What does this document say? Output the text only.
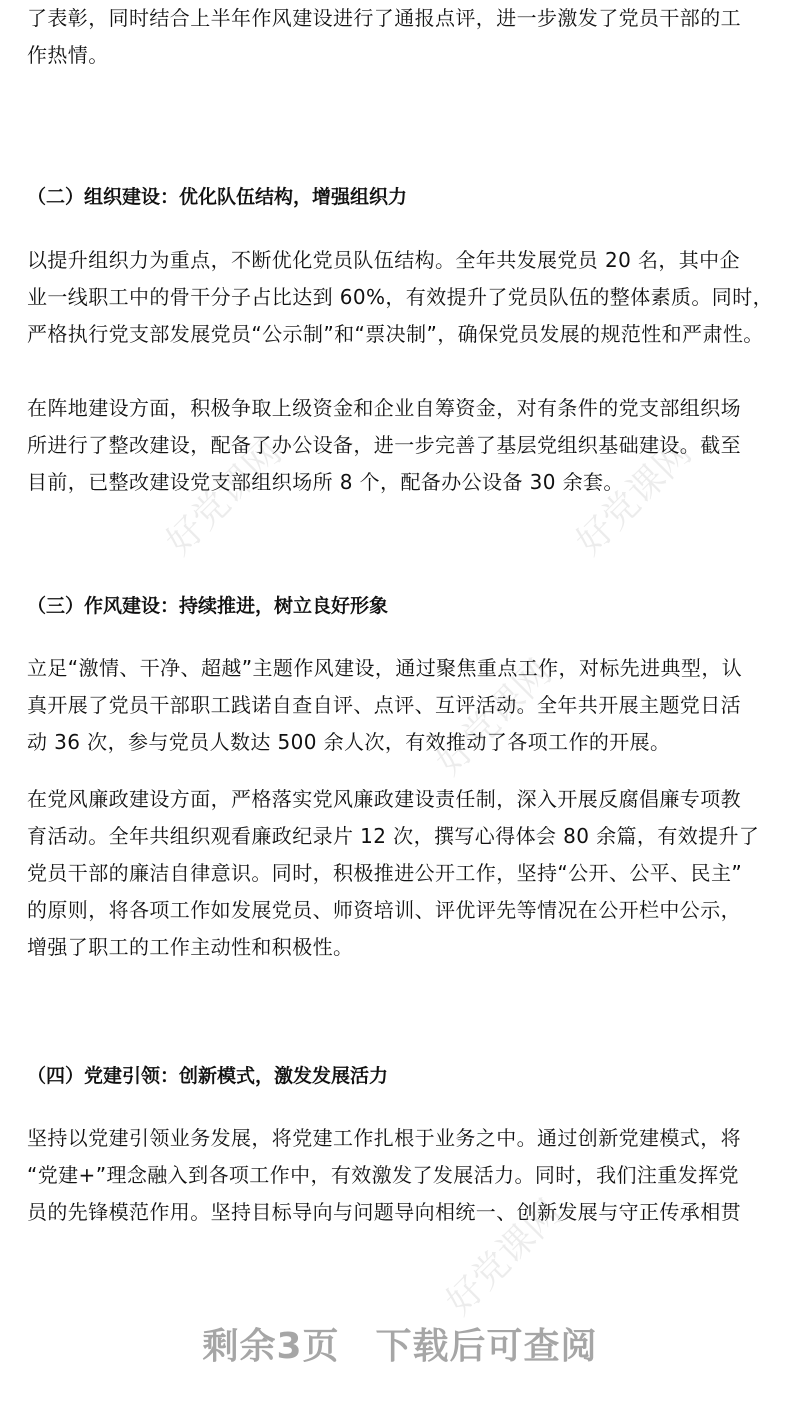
好党课网	好党课网
好党课网
好党课网
了表彰，同时结合上半年作风建设进行了通报点评，进一步激发了党员干部的工
作热情。
（二）组织建设：优化队伍结构，增强组织力
以提升组织力为重点，不断优化党员队伍结构。全年共发展党员 20 名，其中企
业一线职工中的骨干分子占比达到 60%，有效提升了党员队伍的整体素质。同时，
严格执行党支部发展党员“公示制”和“票决制”，确保党员发展的规范性和严肃性。
在阵地建设方面，积极争取上级资金和企业自筹资金，对有条件的党支部组织场
所进行了整改建设，配备了办公设备，进一步完善了基层党组织基础建设。截至
目前，已整改建设党支部组织场所 8 个，配备办公设备 30 余套。
（三）作风建设：持续推进，树立良好形象
立足“激情、干净、超越”主题作风建设，通过聚焦重点工作，对标先进典型，认
真开展了党员干部职工践诺自查自评、点评、互评活动。全年共开展主题党日活
动 36 次，参与党员人数达 500 余人次，有效推动了各项工作的开展。
在党风廉政建设方面，严格落实党风廉政建设责任制，深入开展反腐倡廉专项教
育活动。全年共组织观看廉政纪录片 12 次，撰写心得体会 80 余篇，有效提升了
党员干部的廉洁自律意识。同时，积极推进公开工作，坚持“公开、公平、民主”
的原则，将各项工作如发展党员、师资培训、评优评先等情况在公开栏中公示，
增强了职工的工作主动性和积极性。
（四）党建引领：创新模式，激发发展活力
坚持以党建引领业务发展，将党建工作扎根于业务之中。通过创新党建模式，将
“党建+”理念融入到各项工作中，有效激发了发展活力。同时，我们注重发挥党
员的先锋模范作用。坚持目标导向与问题导向相统一、创新发展与守正传承相贯
剩余3页 下载后可查阅
